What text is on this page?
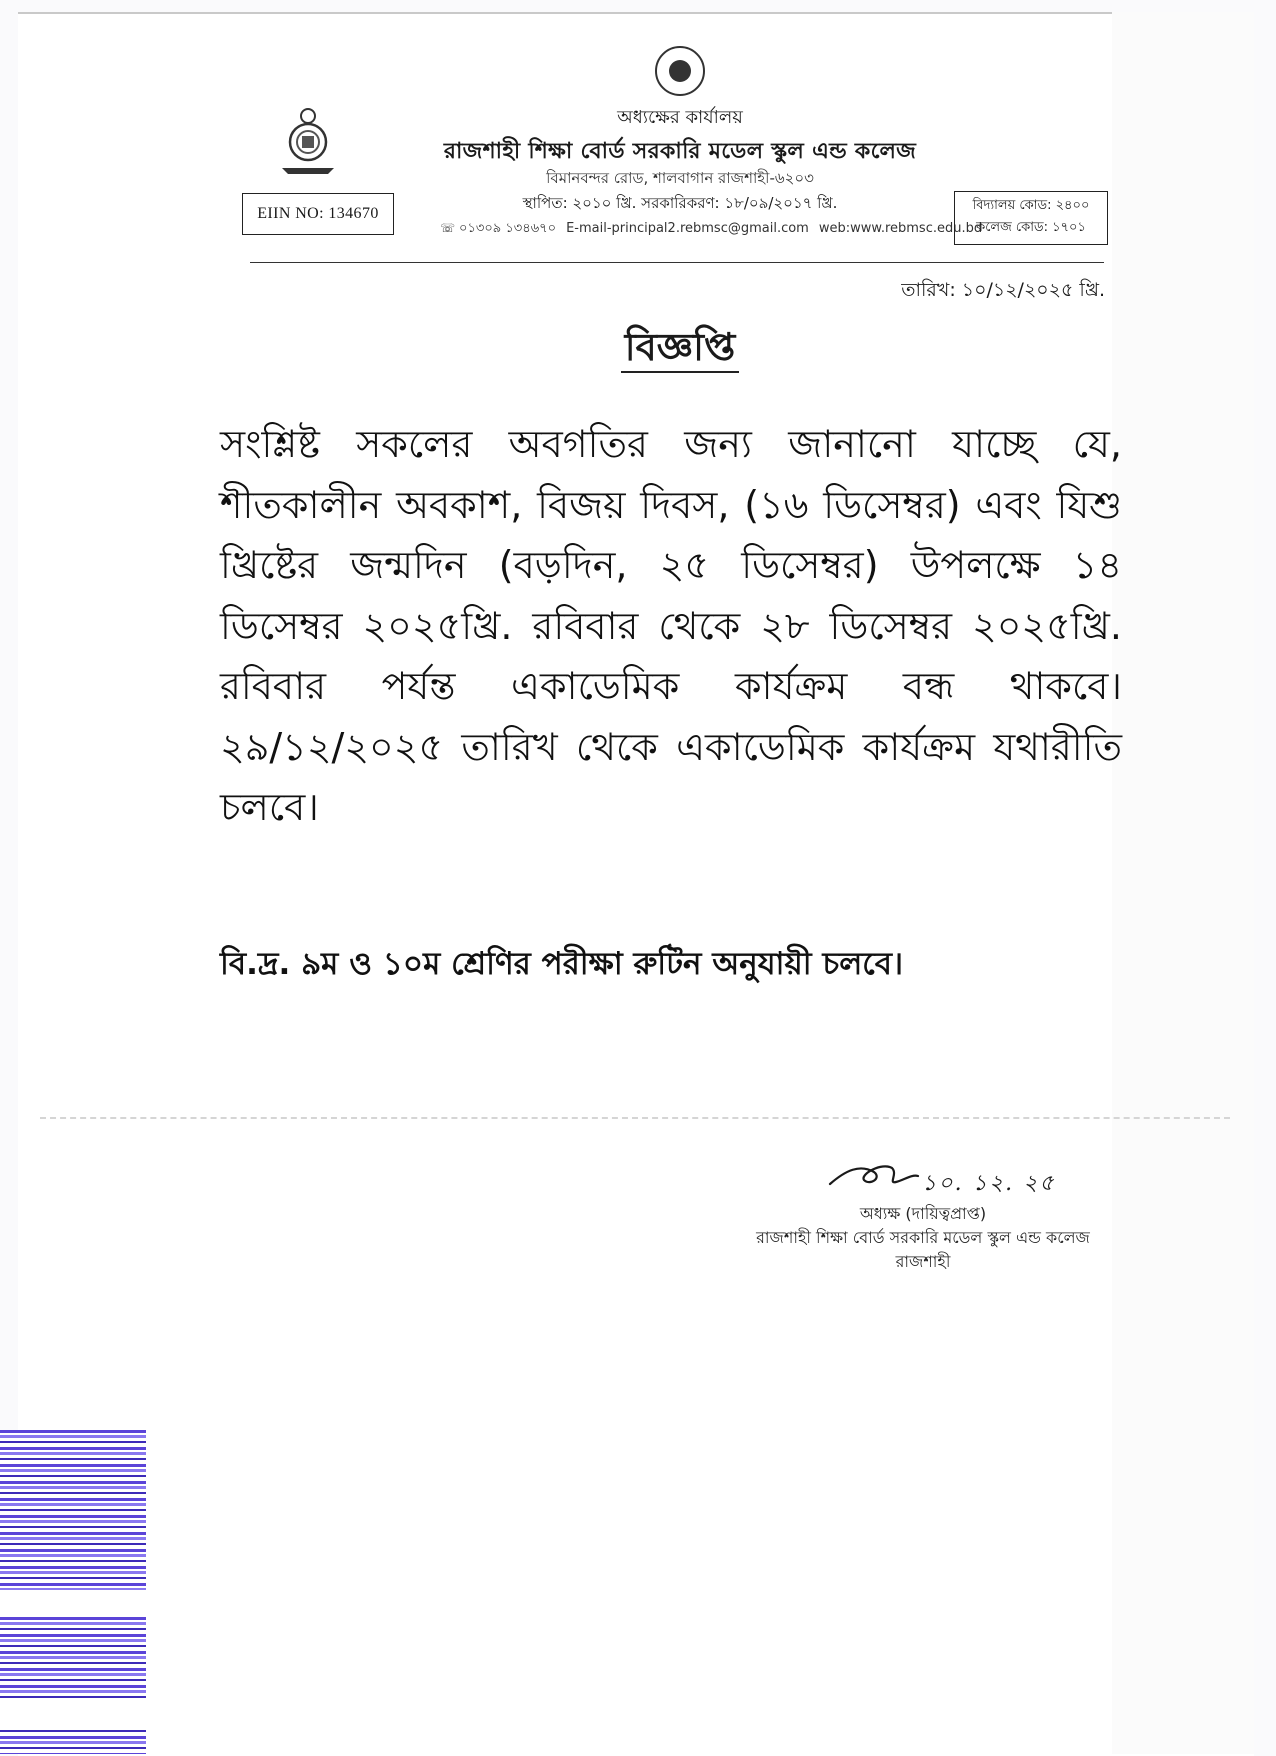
অধ্যক্ষের কার্যালয়
রাজশাহী শিক্ষা বোর্ড সরকারি মডেল স্কুল এন্ড কলেজ
বিমানবন্দর রোড, শালবাগান রাজশাহী-৬২০৩
স্থাপিত: ২০১০ খ্রি. সরকারিকরণ: ১৮/০৯/২০১৭ খ্রি.
☏ ০১৩০৯ ১৩৪৬৭০ E-mail-principal2.rebmsc@gmail.com web:www.rebmsc.edu.bd
EIIN NO: 134670	বিদ্যালয় কোড: ২৪০০
কলেজ কোড: ১৭০১
তারিখ: ১০/১২/২০২৫ খ্রি.
বিজ্ঞপ্তি
সংশ্লিষ্ট সকলের অবগতির জন্য জানানো যাচ্ছে যে, শীতকালীন অবকাশ, বিজয় দিবস, (১৬ ডিসেম্বর) এবং যিশু খ্রিষ্টের জন্মদিন (বড়দিন, ২৫ ডিসেম্বর) উপলক্ষে ১৪ ডিসেম্বর ২০২৫খ্রি. রবিবার থেকে ২৮ ডিসেম্বর ২০২৫খ্রি. রবিবার পর্যন্ত একাডেমিক কার্যক্রম বন্ধ থাকবে। ২৯/১২/২০২৫ তারিখ থেকে একাডেমিক কার্যক্রম যথারীতি চলবে।
বি.দ্র. ৯ম ও ১০ম শ্রেণির পরীক্ষা রুটিন অনুযায়ী চলবে।
১০. ১২. ২৫
অধ্যক্ষ (দায়িত্বপ্রাপ্ত)
রাজশাহী শিক্ষা বোর্ড সরকারি মডেল স্কুল এন্ড কলেজ
রাজশাহী
